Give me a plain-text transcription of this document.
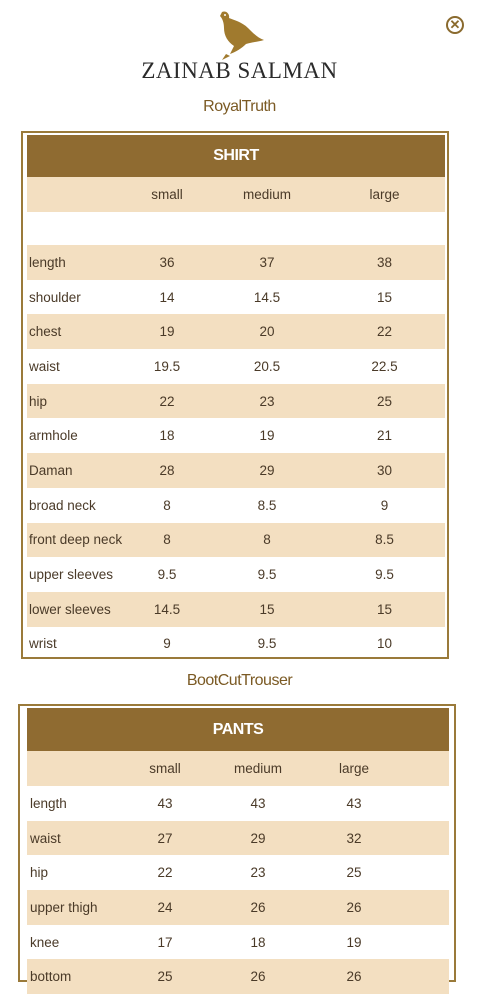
✕
ZAINAB SALMAN
RoyalTruth
SHIRT
small	medium	large
length	36	37	38
shoulder	14	14.5	15
chest	19	20	22
waist	19.5	20.5	22.5
hip	22	23	25
armhole	18	19	21
Daman	28	29	30
broad neck	8	8.5	9
front deep neck	8	8	8.5
upper sleeves	9.5	9.5	9.5
lower sleeves	14.5	15	15
wrist	9	9.5	10
BootCutTrouser
PANTS
small	medium	large
length	43	43	43
waist	27	29	32
hip	22	23	25
upper thigh	24	26	26
knee	17	18	19
bottom	25	26	26
